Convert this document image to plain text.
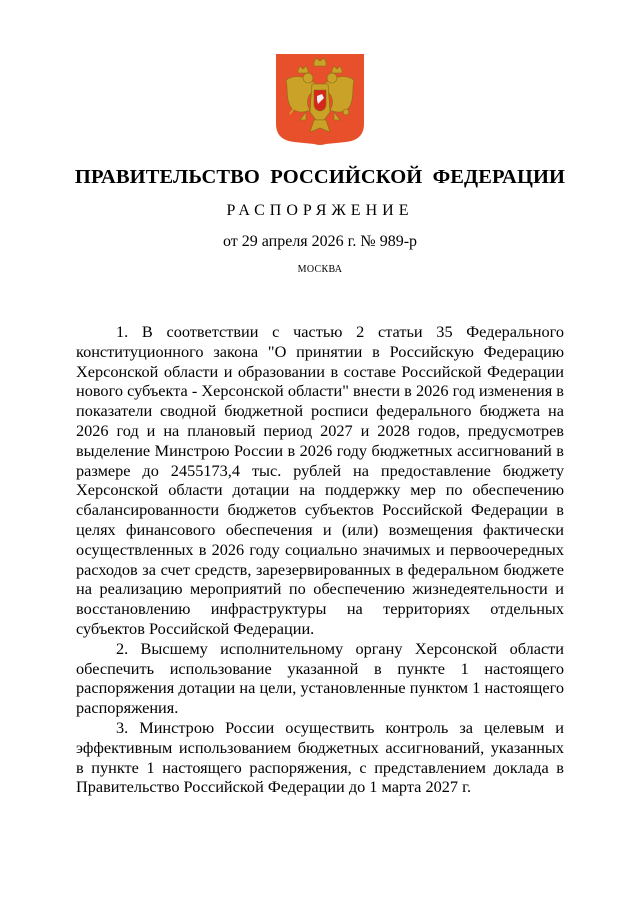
ПРАВИТЕЛЬСТВО РОССИЙСКОЙ ФЕДЕРАЦИИ
РАСПОРЯЖЕНИЕ
от 29 апреля 2026 г. № 989-р
МОСКВА

1. В соответствии с частью 2 статьи 35 Федерального конституционного закона "О принятии в Российскую Федерацию Херсонской области и образовании в составе Российской Федерации нового субъекта - Херсонской области" внести в 2026 год изменения в показатели сводной бюджетной росписи федерального бюджета на 2026 год и на плановый период 2027 и 2028 годов, предусмотрев выделение Минстрою России в 2026 году бюджетных ассигнований в размере до 2455173,4 тыс. рублей на предоставление бюджету Херсонской области дотации на поддержку мер по обеспечению сбалансированности бюджетов субъектов Российской Федерации в целях финансового обеспечения и (или) возмещения фактически осуществленных в 2026 году социально значимых и первоочередных расходов за счет средств, зарезервированных в федеральном бюджете на реализацию мероприятий по обеспечению жизнедеятельности и восстановлению инфраструктуры на территориях отдельных субъектов Российской Федерации.

2. Высшему исполнительному органу Херсонской области обеспечить использование указанной в пункте 1 настоящего распоряжения дотации на цели, установленные пунктом 1 настоящего распоряжения.

3. Минстрою России осуществить контроль за целевым и эффективным использованием бюджетных ассигнований, указанных в пункте 1 настоящего распоряжения, с представлением доклада в Правительство Российской Федерации до 1 марта 2027 г.
